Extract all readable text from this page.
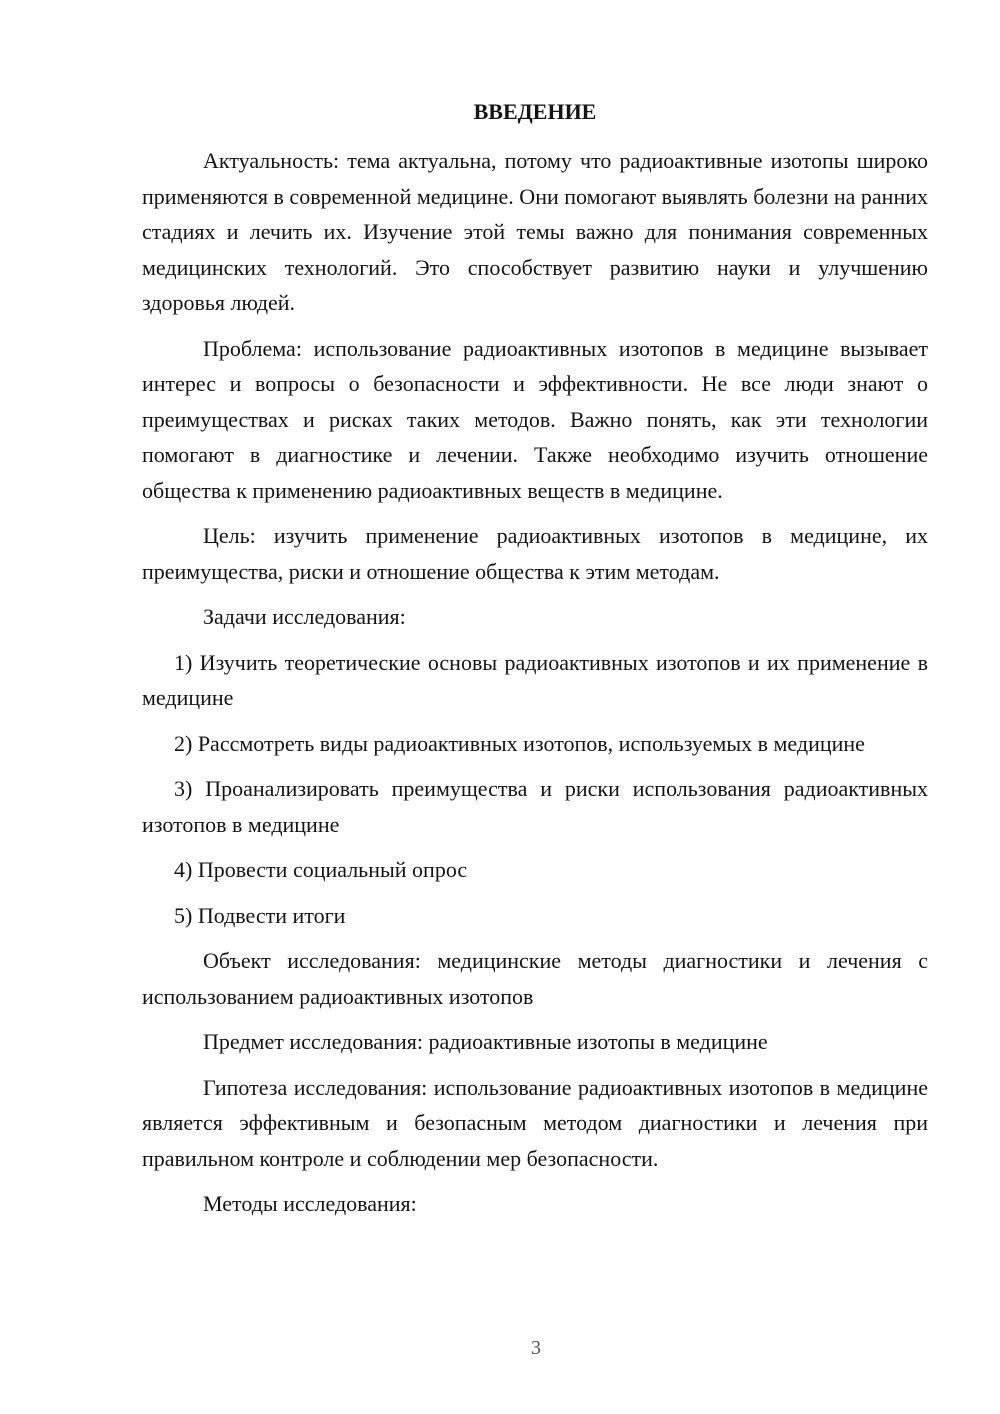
ВВЕДЕНИЕ

Актуальность: тема актуальна, потому что радиоактивные изотопы широко применяются в современной медицине. Они помогают выявлять болезни на ранних стадиях и лечить их. Изучение этой темы важно для понимания современных медицинских технологий. Это способствует развитию науки и улучшению здоровья людей.

Проблема: использование радиоактивных изотопов в медицине вызывает интерес и вопросы о безопасности и эффективности. Не все люди знают о преимуществах и рисках таких методов. Важно понять, как эти технологии помогают в диагностике и лечении. Также необходимо изучить отношение общества к применению радиоактивных веществ в медицине.

Цель: изучить применение радиоактивных изотопов в медицине, их преимущества, риски и отношение общества к этим методам.

Задачи исследования:

1) Изучить теоретические основы радиоактивных изотопов и их применение в медицине

2) Рассмотреть виды радиоактивных изотопов, используемых в медицине

3) Проанализировать преимущества и риски использования радиоактивных изотопов в медицине

4) Провести социальный опрос

5) Подвести итоги

Объект исследования: медицинские методы диагностики и лечения с использованием радиоактивных изотопов

Предмет исследования: радиоактивные изотопы в медицине

Гипотеза исследования: использование радиоактивных изотопов в медицине является эффективным и безопасным методом диагностики и лечения при правильном контроле и соблюдении мер безопасности.

Методы исследования:

3
